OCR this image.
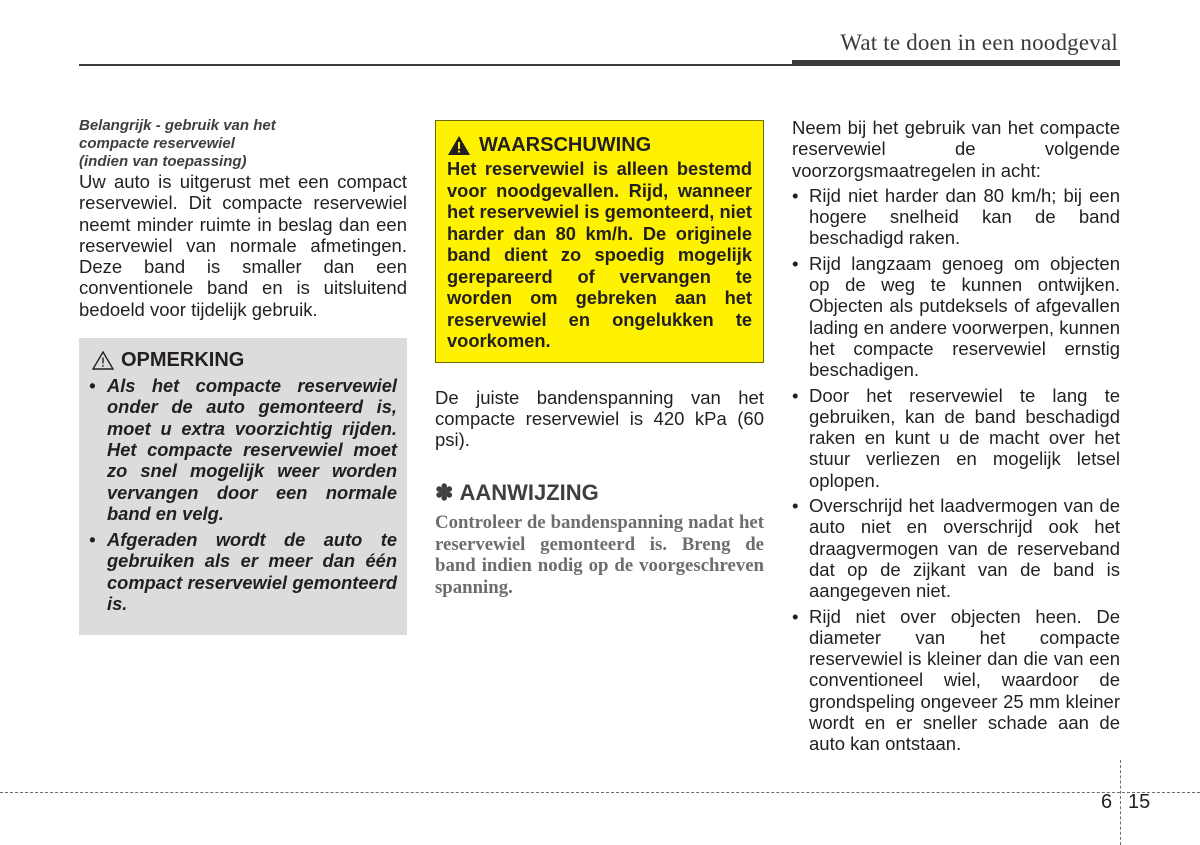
Wat te doen in een noodgeval

Belangrijk - gebruik van het
compacte reservewiel
(indien van toepassing)

Uw auto is uitgerust met een compact reservewiel. Dit compacte reservewiel neemt minder ruimte in beslag dan een reservewiel van normale afmetingen. Deze band is smaller dan een conventionele band en is uitsluitend bedoeld voor tijdelijk gebruik.

OPMERKING
• Als het compacte reservewiel onder de auto gemonteerd is, moet u extra voorzichtig rijden. Het compacte reservewiel moet zo snel mogelijk weer worden vervangen door een normale band en velg.
• Afgeraden wordt de auto te gebruiken als er meer dan één compact reservewiel gemonteerd is.
WAARSCHUWING

Het reservewiel is alleen bestemd voor noodgevallen. Rijd, wanneer het reservewiel is gemonteerd, niet harder dan 80 km/h. De originele band dient zo spoedig mogelijk gerepareerd of vervangen te worden om gebreken aan het reservewiel en ongelukken te voorkomen.

De juiste bandenspanning van het compacte reservewiel is 420 kPa (60 psi).

✽ AANWIJZING

Controleer de bandenspanning nadat het reservewiel gemonteerd is. Breng de band indien nodig op de voorgeschreven spanning.

Neem bij het gebruik van het compacte reservewiel de volgende voorzorgsmaatregelen in acht:

• Rijd niet harder dan 80 km/h; bij een hogere snelheid kan de band beschadigd raken.
• Rijd langzaam genoeg om objecten op de weg te kunnen ontwijken. Objecten als putdeksels of afgevallen lading en andere voorwerpen, kunnen het compacte reservewiel ernstig beschadigen.
• Door het reservewiel te lang te gebruiken, kan de band beschadigd raken en kunt u de macht over het stuur verliezen en mogelijk letsel oplopen.
• Overschrijd het laadvermogen van de auto niet en overschrijd ook het draagvermogen van de reserveband dat op de zijkant van de band is aangegeven niet.
• Rijd niet over objecten heen. De diameter van het compacte reservewiel is kleiner dan die van een conventioneel wiel, waardoor de grondspeling ongeveer 25 mm kleiner wordt en er sneller schade aan de auto kan ontstaan.
6 15
